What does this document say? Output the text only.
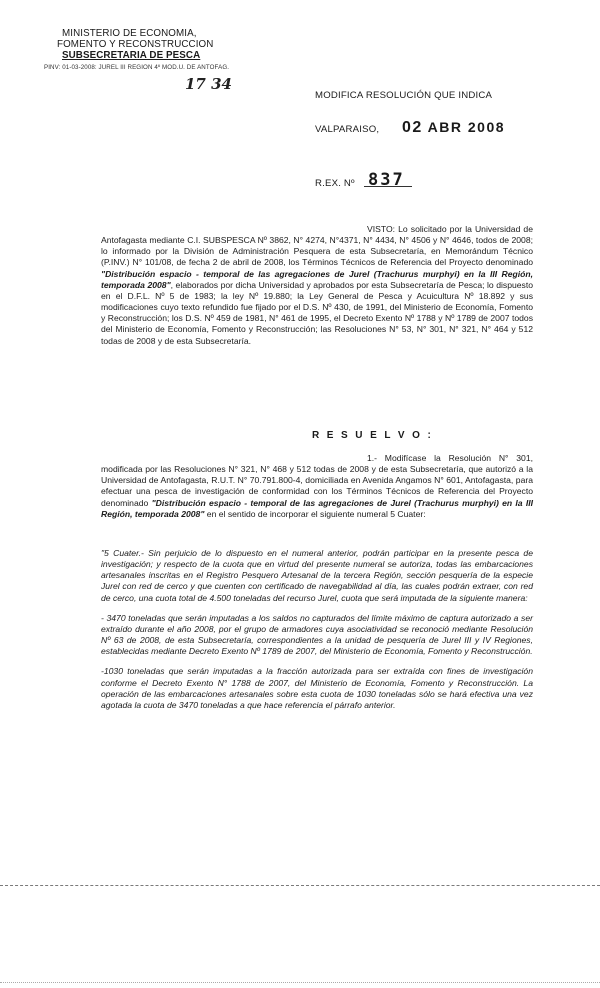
MINISTERIO DE ECONOMIA,
FOMENTO Y RECONSTRUCCION
SUBSECRETARIA DE PESCA
PINV: 01-03-2008: JUREL III REGION 4º MOD.U. DE ANTOFAG.
17 34
MODIFICA RESOLUCIÓN QUE INDICA
VALPARAISO, 02 ABR 2008
R.EX. Nº 837
VISTO: Lo solicitado por la Universidad de Antofagasta mediante C.I. SUBSPESCA Nº 3862, N° 4274, N°4371, N° 4434, N° 4506 y N° 4646, todos de 2008; lo informado por la División de Administración Pesquera de esta Subsecretaría, en Memorándum Técnico (P.INV.) N° 101/08, de fecha 2 de abril de 2008, los Términos Técnicos de Referencia del Proyecto denominado "Distribución espacio - temporal de las agregaciones de Jurel (Trachurus murphyi) en la III Región, temporada 2008", elaborados por dicha Universidad y aprobados por esta Subsecretaría de Pesca; lo dispuesto en el D.F.L. Nº 5 de 1983; la ley Nº 19.880; la Ley General de Pesca y Acuicultura Nº 18.892 y sus modificaciones cuyo texto refundido fue fijado por el D.S. Nº 430, de 1991, del Ministerio de Economía, Fomento y Reconstrucción; los D.S. Nº 459 de 1981, N° 461 de 1995, el Decreto Exento Nº 1788 y Nº 1789 de 2007 todos del Ministerio de Economía, Fomento y Reconstrucción; las Resoluciones N° 53, N° 301, N° 321, N° 464 y 512 todas de 2008 y de esta Subsecretaría.
R E S U E L V O :
1.- Modifícase la Resolución N° 301, modificada por las Resoluciones N° 321, N° 468 y 512 todas de 2008 y de esta Subsecretaría, que autorizó a la Universidad de Antofagasta, R.U.T. N° 70.791.800-4, domiciliada en Avenida Angamos N° 601, Antofagasta, para efectuar una pesca de investigación de conformidad con los Términos Técnicos de Referencia del Proyecto denominado "Distribución espacio - temporal de las agregaciones de Jurel (Trachurus murphyi) en la III Región, temporada 2008" en el sentido de incorporar el siguiente numeral 5 Cuater:

"5 Cuater.- Sin perjuicio de lo dispuesto en el numeral anterior, podrán participar en la presente pesca de investigación; y respecto de la cuota que en virtud del presente numeral se autoriza, todas las embarcaciones artesanales inscritas en el Registro Pesquero Artesanal de la tercera Región, sección pesquería de la especie Jurel con red de cerco y que cuenten con certificado de navegabilidad al día, las cuales podrán extraer, con red de cerco, una cuota total de 4.500 toneladas del recurso Jurel, cuota que será imputada de la siguiente manera:

- 3470 toneladas que serán imputadas a los saldos no capturados del límite máximo de captura autorizado a ser extraído durante el año 2008, por el grupo de armadores cuya asociatividad se reconoció mediante Resolución Nº 63 de 2008, de esta Subsecretaría, correspondientes a la unidad de pesquería de Jurel III y IV Regiones, establecidas mediante Decreto Exento Nº 1789 de 2007, del Ministerio de Economía, Fomento y Reconstrucción.

-1030 toneladas que serán imputadas a la fracción autorizada para ser extraída con fines de investigación conforme el Decreto Exento N° 1788 de 2007, del Ministerio de Economía, Fomento y Reconstrucción. La operación de las embarcaciones artesanales sobre esta cuota de 1030 toneladas sólo se hará efectiva una vez agotada la cuota de 3470 toneladas a que hace referencia el párrafo anterior.
